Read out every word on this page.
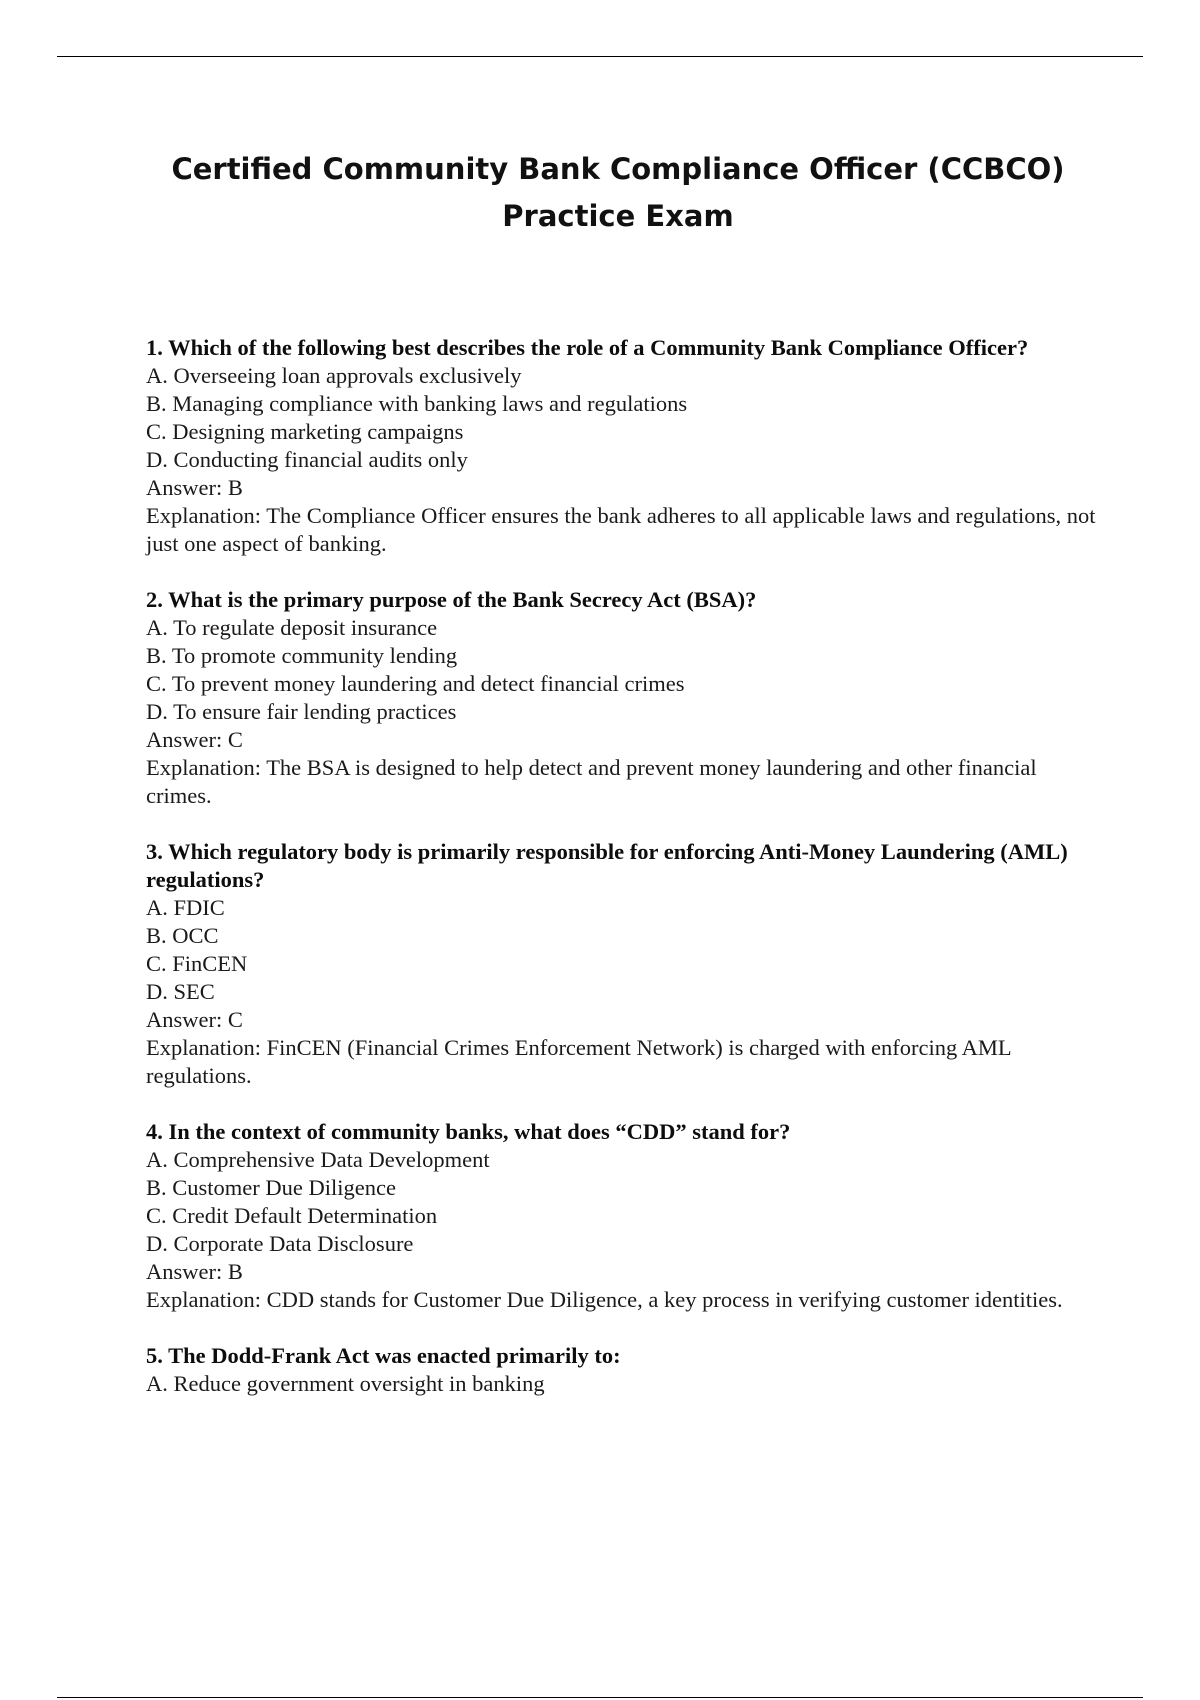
Certified Community Bank Compliance Officer (CCBCO)
Practice Exam
1. Which of the following best describes the role of a Community Bank Compliance Officer?
A. Overseeing loan approvals exclusively
B. Managing compliance with banking laws and regulations
C. Designing marketing campaigns
D. Conducting financial audits only
Answer: B
Explanation: The Compliance Officer ensures the bank adheres to all applicable laws and regulations, not just one aspect of banking.
2. What is the primary purpose of the Bank Secrecy Act (BSA)?
A. To regulate deposit insurance
B. To promote community lending
C. To prevent money laundering and detect financial crimes
D. To ensure fair lending practices
Answer: C
Explanation: The BSA is designed to help detect and prevent money laundering and other financial crimes.
3. Which regulatory body is primarily responsible for enforcing Anti-Money Laundering (AML) regulations?
A. FDIC
B. OCC
C. FinCEN
D. SEC
Answer: C
Explanation: FinCEN (Financial Crimes Enforcement Network) is charged with enforcing AML regulations.
4. In the context of community banks, what does “CDD” stand for?
A. Comprehensive Data Development
B. Customer Due Diligence
C. Credit Default Determination
D. Corporate Data Disclosure
Answer: B
Explanation: CDD stands for Customer Due Diligence, a key process in verifying customer identities.
5. The Dodd-Frank Act was enacted primarily to:
A. Reduce government oversight in banking
